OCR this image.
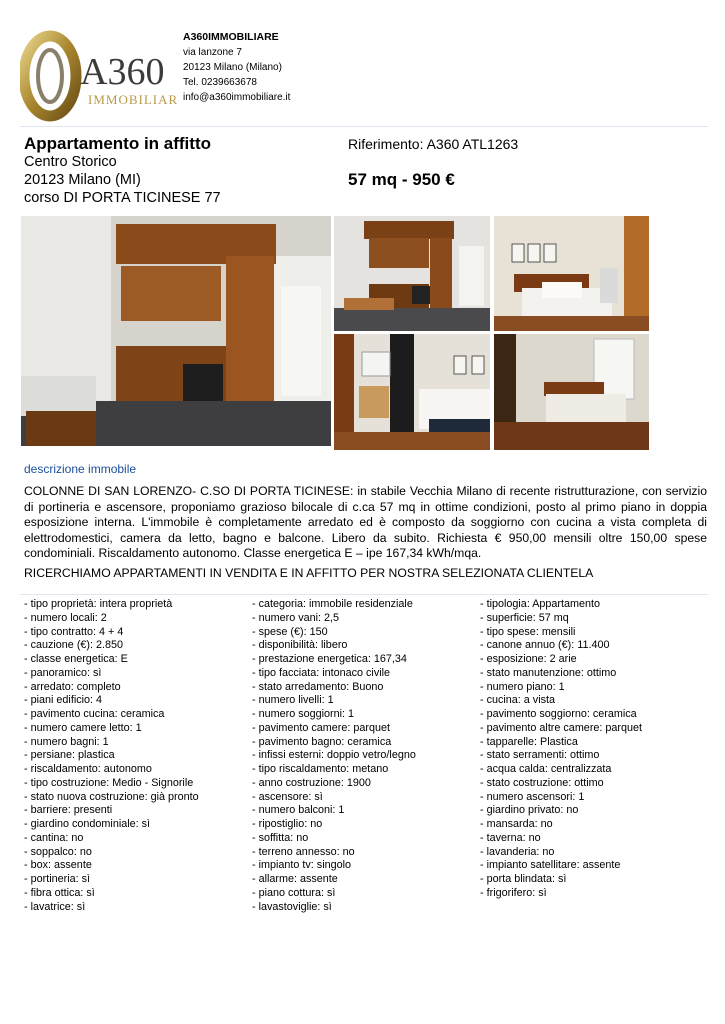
A360
IMMOBILIARE
A360IMMOBILIARE
via lanzone 7
20123 Milano (Milano)
Tel. 0239663678
info@a360immobiliare.it
Appartamento in affitto
Centro Storico
20123 Milano (MI)
corso DI PORTA TICINESE 77
Riferimento: A360 ATL1263
57 mq - 950 €
descrizione immobile
COLONNE DI SAN LORENZO- C.SO DI PORTA TICINESE: in stabile Vecchia Milano di recente ristrutturazione, con servizio di portineria e ascensore, proponiamo grazioso bilocale di c.ca 57 mq in ottime condizioni, posto al primo piano in doppia esposizione interna. L'immobile è completamente arredato ed è composto da soggiorno con cucina a vista completa di elettrodomestici, camera da letto, bagno e balcone. Libero da subito. Richiesta € 950,00 mensili oltre 150,00 spese condominiali. Riscaldamento autonomo. Classe energetica E – ipe 167,34 kWh/mqa.
RICERCHIAMO APPARTAMENTI IN VENDITA E IN AFFITTO PER NOSTRA SELEZIONATA CLIENTELA
- tipo proprietà: intera proprietà
- numero locali: 2
- tipo contratto: 4 + 4
- cauzione (€): 2.850
- classe energetica: E
- panoramico: sì
- arredato: completo
- piani edificio: 4
- pavimento cucina: ceramica
- numero camere letto: 1
- numero bagni: 1
- persiane: plastica
- riscaldamento: autonomo
- tipo costruzione: Medio - Signorile
- stato nuova costruzione: già pronto
- barriere: presenti
- giardino condominiale: sì
- cantina: no
- soppalco: no
- box: assente
- portineria: sì
- fibra ottica: sì
- lavatrice: sì
- categoria: immobile residenziale
- numero vani: 2,5
- spese (€): 150
- disponibilità: libero
- prestazione energetica: 167,34
- tipo facciata: intonaco civile
- stato arredamento: Buono
- numero livelli: 1
- numero soggiorni: 1
- pavimento camere: parquet
- pavimento bagno: ceramica
- infissi esterni: doppio vetro/legno
- tipo riscaldamento: metano
- anno costruzione: 1900
- ascensore: sì
- numero balconi: 1
- ripostiglio: no
- soffitta: no
- terreno annesso: no
- impianto tv: singolo
- allarme: assente
- piano cottura: sì
- lavastoviglie: sì
- tipologia: Appartamento
- superficie: 57 mq
- tipo spese: mensili
- canone annuo (€): 11.400
- esposizione: 2 arie
- stato manutenzione: ottimo
- numero piano: 1
- cucina: a vista
- pavimento soggiorno: ceramica
- pavimento altre camere: parquet
- tapparelle: Plastica
- stato serramenti: ottimo
- acqua calda: centralizzata
- stato costruzione: ottimo
- numero ascensori: 1
- giardino privato: no
- mansarda: no
- taverna: no
- lavanderia: no
- impianto satellitare: assente
- porta blindata: sì
- frigorifero: sì
